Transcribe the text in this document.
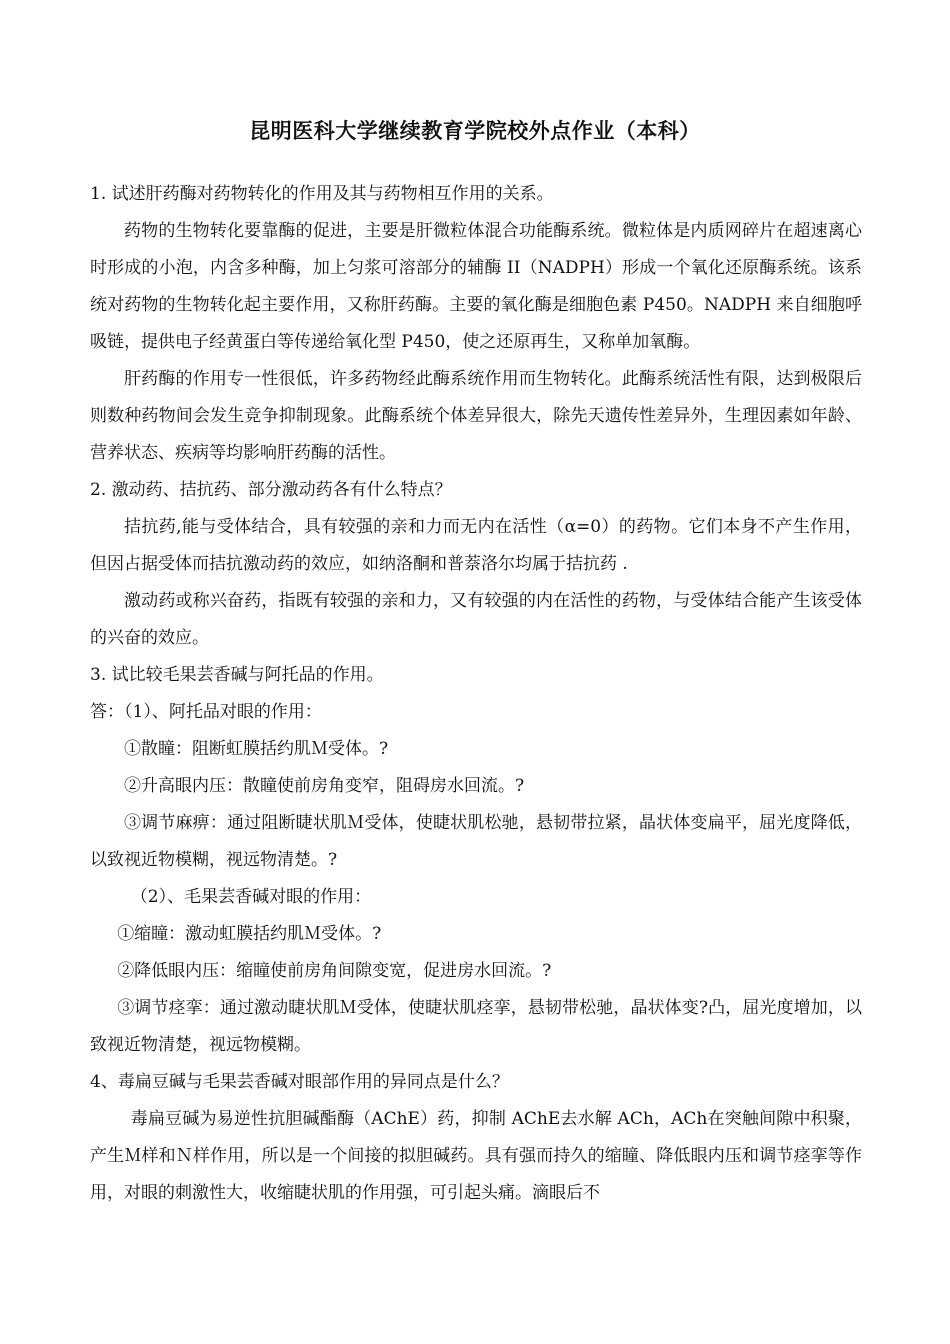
昆明医科大学继续教育学院校外点作业（本科）

1. 试述肝药酶对药物转化的作用及其与药物相互作用的关系。

药物的生物转化要靠酶的促进，主要是肝微粒体混合功能酶系统。微粒体是内质网碎片在超速离心时形成的小泡，内含多种酶，加上匀浆可溶部分的辅酶 II（NADPH）形成一个氧化还原酶系统。该系统对药物的生物转化起主要作用，又称肝药酶。主要的氧化酶是细胞色素 P450。NADPH 来自细胞呼吸链，提供电子经黄蛋白等传递给氧化型 P450，使之还原再生，又称单加氧酶。

肝药酶的作用专一性很低，许多药物经此酶系统作用而生物转化。此酶系统活性有限，达到极限后则数种药物间会发生竞争抑制现象。此酶系统个体差异很大，除先天遗传性差异外，生理因素如年龄、营养状态、疾病等均影响肝药酶的活性。

2. 激动药、拮抗药、部分激动药各有什么特点？

拮抗药,能与受体结合，具有较强的亲和力而无内在活性（α=0）的药物。它们本身不产生作用，但因占据受体而拮抗激动药的效应，如纳洛酮和普萘洛尔均属于拮抗药 .

激动药或称兴奋药，指既有较强的亲和力，又有较强的内在活性的药物，与受体结合能产生该受体的兴奋的效应。

3. 试比较毛果芸香碱与阿托品的作用。

答：（1）、阿托品对眼的作用：

①散瞳：阻断虹膜括约肌Ｍ受体。?

②升高眼内压：散瞳使前房角变窄，阻碍房水回流。?

③调节麻痹：通过阻断睫状肌Ｍ受体，使睫状肌松驰，悬韧带拉紧，晶状体变扁平，屈光度降低，以致视近物模糊，视远物清楚。?

（2）、毛果芸香碱对眼的作用：

①缩瞳：激动虹膜括约肌Ｍ受体。?

②降低眼内压：缩瞳使前房角间隙变宽，促进房水回流。?

③调节痉挛：通过激动睫状肌Ｍ受体，使睫状肌痉挛，悬韧带松驰，晶状体变?凸，屈光度增加，以致视近物清楚，视远物模糊。

4、毒扁豆碱与毛果芸香碱对眼部作用的异同点是什么？

毒扁豆碱为易逆性抗胆碱酯酶（AChE）药，抑制 AChE去水解 ACh，ACh在突触间隙中积聚，产生Ｍ样和Ｎ样作用，所以是一个间接的拟胆碱药。具有强而持久的缩瞳、降低眼内压和调节痉挛等作用，对眼的刺激性大，收缩睫状肌的作用强，可引起头痛。滴眼后不
